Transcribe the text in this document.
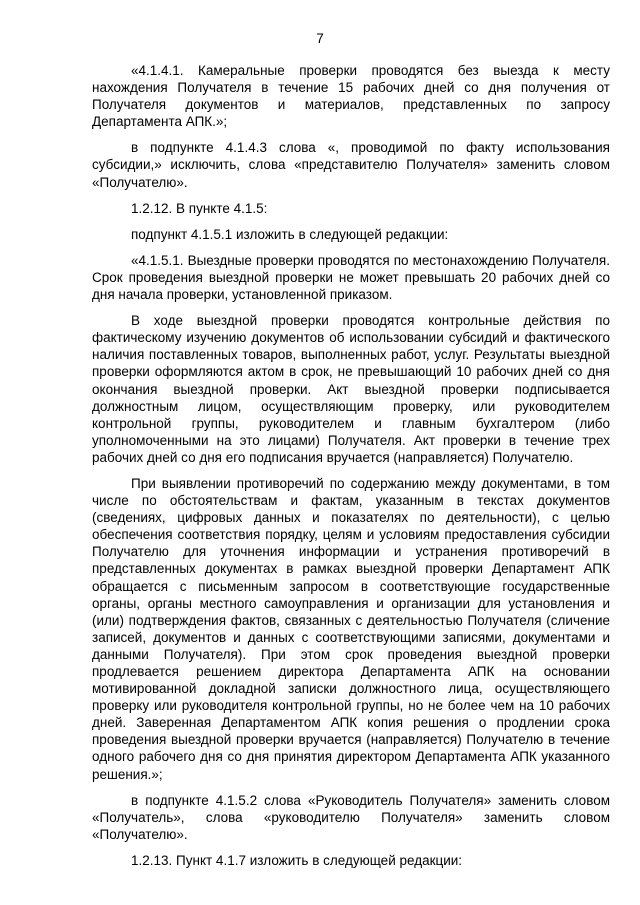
7

«4.1.4.1. Камеральные проверки проводятся без выезда к месту нахождения Получателя в течение 15 рабочих дней со дня получения от Получателя документов и материалов, представленных по запросу Департамента АПК.»;

в подпункте 4.1.4.3 слова «, проводимой по факту использования субсидии,» исключить, слова «представителю Получателя» заменить словом «Получателю».

1.2.12. В пункте 4.1.5:

подпункт 4.1.5.1 изложить в следующей редакции:

«4.1.5.1. Выездные проверки проводятся по местонахождению Получателя. Срок проведения выездной проверки не может превышать 20 рабочих дней со дня начала проверки, установленной приказом.

В ходе выездной проверки проводятся контрольные действия по фактическому изучению документов об использовании субсидий и фактического наличия поставленных товаров, выполненных работ, услуг. Результаты выездной проверки оформляются актом в срок, не превышающий 10 рабочих дней со дня окончания выездной проверки. Акт выездной проверки подписывается должностным лицом, осуществляющим проверку, или руководителем контрольной группы, руководителем и главным бухгалтером (либо уполномоченными на это лицами) Получателя. Акт проверки в течение трех рабочих дней со дня его подписания вручается (направляется) Получателю.

При выявлении противоречий по содержанию между документами, в том числе по обстоятельствам и фактам, указанным в текстах документов (сведениях, цифровых данных и показателях по деятельности), с целью обеспечения соответствия порядку, целям и условиям предоставления субсидии Получателю для уточнения информации и устранения противоречий в представленных документах в рамках выездной проверки Департамент АПК обращается с письменным запросом в соответствующие государственные органы, органы местного самоуправления и организации для установления и (или) подтверждения фактов, связанных с деятельностью Получателя (сличение записей, документов и данных с соответствующими записями, документами и данными Получателя). При этом срок проведения выездной проверки продлевается решением директора Департамента АПК на основании мотивированной докладной записки должностного лица, осуществляющего проверку или руководителя контрольной группы, но не более чем на 10 рабочих дней. Заверенная Департаментом АПК копия решения о продлении срока проведения выездной проверки вручается (направляется) Получателю в течение одного рабочего дня со дня принятия директором Департамента АПК указанного решения.»;

в подпункте 4.1.5.2 слова «Руководитель Получателя» заменить словом «Получатель», слова «руководителю Получателя» заменить словом «Получателю».

1.2.13. Пункт 4.1.7 изложить в следующей редакции:
